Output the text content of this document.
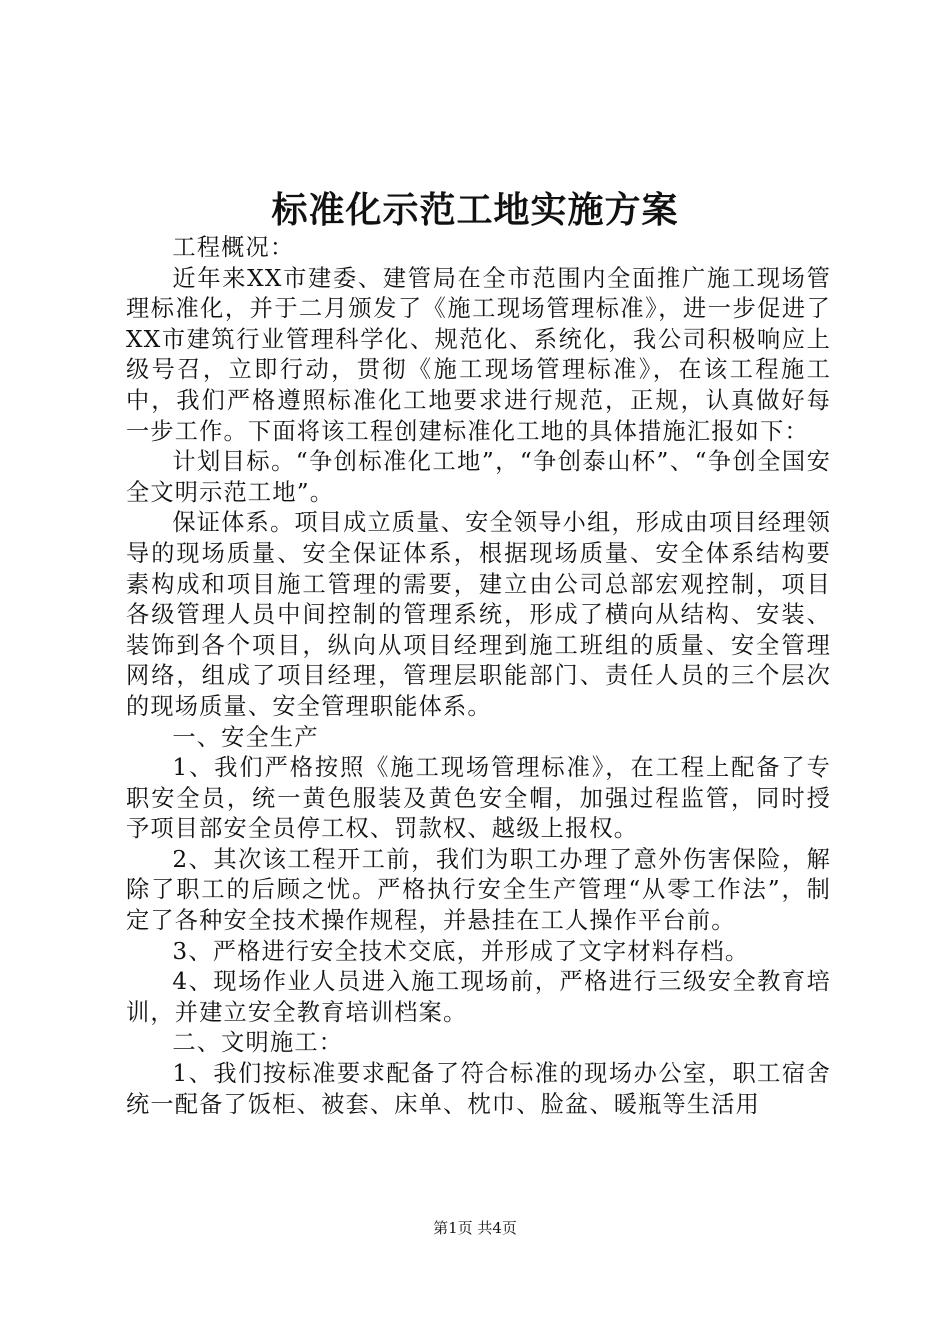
标准化示范工地实施方案

工程概况：

近年来XX市建委、建管局在全市范围内全面推广施工现场管理标准化，并于二月颁发了《施工现场管理标准》，进一步促进了XX市建筑行业管理科学化、规范化、系统化，我公司积极响应上级号召，立即行动，贯彻《施工现场管理标准》，在该工程施工中，我们严格遵照标准化工地要求进行规范，正规，认真做好每一步工作。下面将该工程创建标准化工地的具体措施汇报如下：

计划目标。“争创标准化工地”，“争创泰山杯”、“争创全国安全文明示范工地”。

保证体系。项目成立质量、安全领导小组，形成由项目经理领导的现场质量、安全保证体系，根据现场质量、安全体系结构要素构成和项目施工管理的需要，建立由公司总部宏观控制，项目各级管理人员中间控制的管理系统，形成了横向从结构、安装、装饰到各个项目，纵向从项目经理到施工班组的质量、安全管理网络，组成了项目经理，管理层职能部门、责任人员的三个层次的现场质量、安全管理职能体系。

一、安全生产

1、我们严格按照《施工现场管理标准》，在工程上配备了专职安全员，统一黄色服装及黄色安全帽，加强过程监管，同时授予项目部安全员停工权、罚款权、越级上报权。

2、其次该工程开工前，我们为职工办理了意外伤害保险，解除了职工的后顾之忧。严格执行安全生产管理“从零工作法”，制定了各种安全技术操作规程，并悬挂在工人操作平台前。

3、严格进行安全技术交底，并形成了文字材料存档。

4、现场作业人员进入施工现场前，严格进行三级安全教育培训，并建立安全教育培训档案。

二、文明施工：

1、我们按标准要求配备了符合标准的现场办公室，职工宿舍统一配备了饭柜、被套、床单、枕巾、脸盆、暖瓶等生活用

第1页 共4页
